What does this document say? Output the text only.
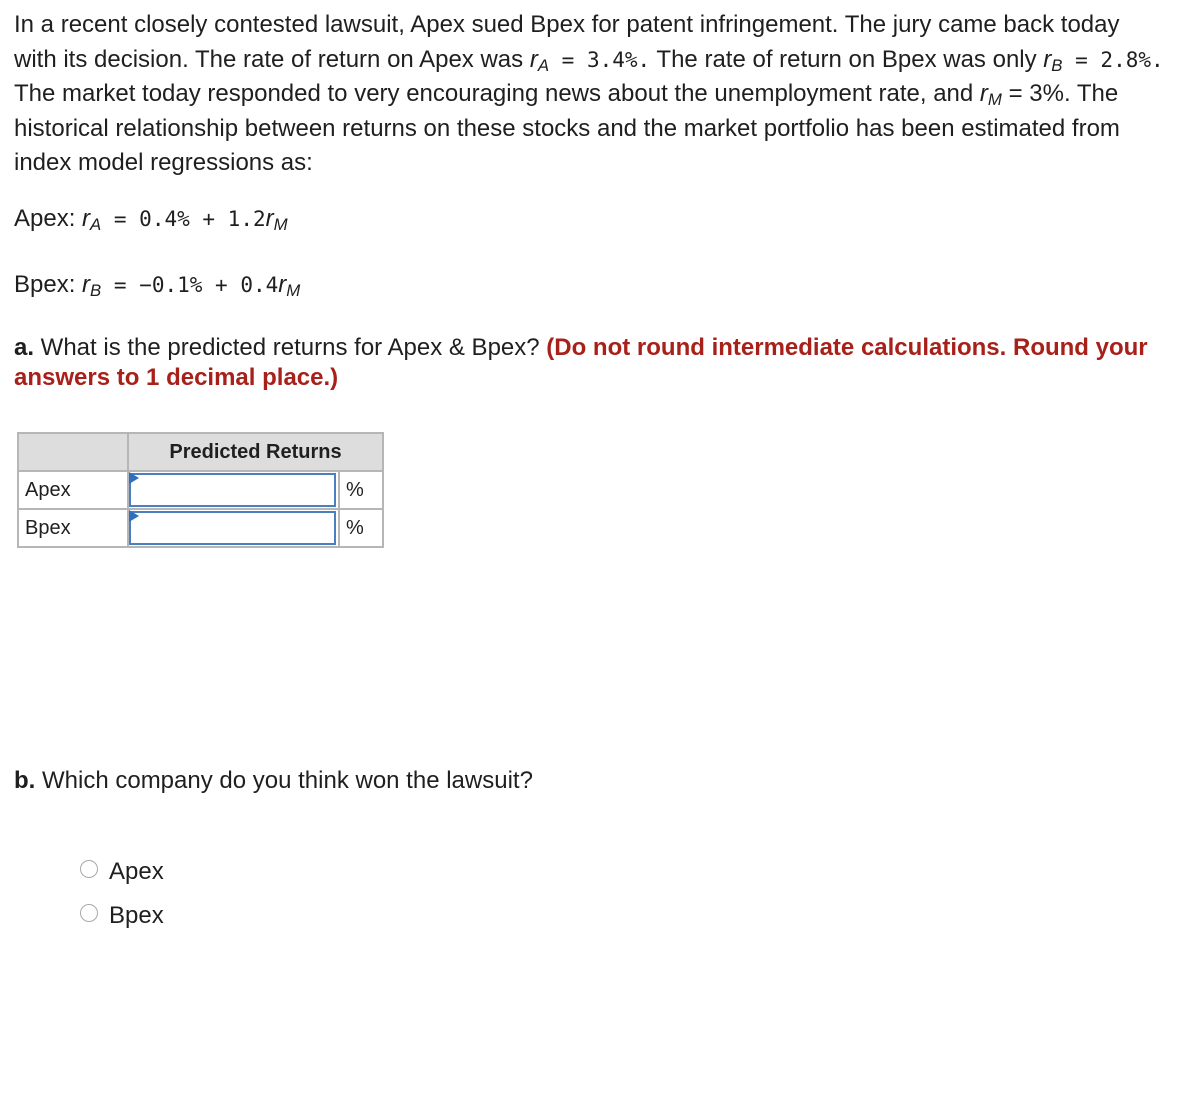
In a recent closely contested lawsuit, Apex sued Bpex for patent infringement. The jury came back today with its decision. The rate of return on Apex was $r_A = 3.4\%$. The rate of return on Bpex was only $r_B = 2.8\%$. The market today responded to very encouraging news about the unemployment rate, and $r_M = 3\%$. The historical relationship between returns on these stocks and the market portfolio has been estimated from index model regressions as:

Apex: $r_A = 0.4\% + 1.2r_M$
Bpex: $r_B = -0.1\% + 0.4r_M$

a. What is the predicted returns for Apex & Bpex? (Do not round intermediate calculations. Round your answers to 1 decimal place.)

	Predicted Returns	
Apex		%
Bpex		%

b. Which company do you think won the lawsuit?

Apex
Bpex
